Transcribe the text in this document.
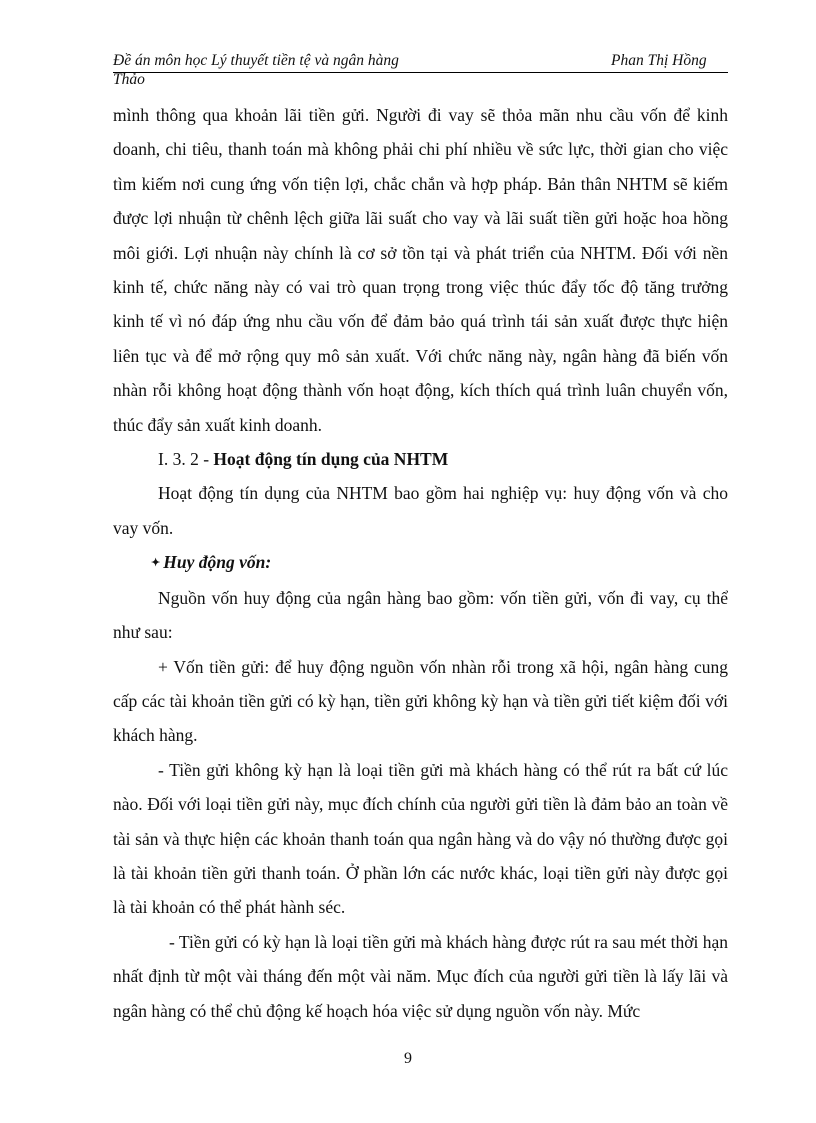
Đề án môn học Lý thuyết tiền tệ và ngân hàng	Phan Thị Hồng
Thảo

mình thông qua khoản lãi tiền gửi. Người đi vay sẽ thỏa mãn nhu cầu vốn để kinh doanh, chi tiêu, thanh toán mà không phải chi phí nhiều về sức lực, thời gian cho việc tìm kiếm nơi cung ứng vốn tiện lợi, chắc chắn và hợp pháp. Bản thân NHTM sẽ kiếm được lợi nhuận từ chênh lệch giữa lãi suất cho vay và lãi suất tiền gửi hoặc hoa hồng môi giới. Lợi nhuận này chính là cơ sở tồn tại và phát triển của NHTM. Đối với nền kinh tế, chức năng này có vai trò quan trọng trong việc thúc đẩy tốc độ tăng trưởng kinh tế vì nó đáp ứng nhu cầu vốn để đảm bảo quá trình tái sản xuất được thực hiện liên tục và để mở rộng quy mô sản xuất. Với chức năng này, ngân hàng đã biến vốn nhàn rỗi không hoạt động thành vốn hoạt động, kích thích quá trình luân chuyển vốn, thúc đẩy sản xuất kinh doanh.

I. 3. 2 - Hoạt động tín dụng của NHTM

Hoạt động tín dụng của NHTM bao gồm hai nghiệp vụ: huy động vốn và cho vay vốn.

✦ Huy động vốn:

Nguồn vốn huy động của ngân hàng bao gồm: vốn tiền gửi, vốn đi vay, cụ thể như sau:

+ Vốn tiền gửi: để huy động nguồn vốn nhàn rỗi trong xã hội, ngân hàng cung cấp các tài khoản tiền gửi có kỳ hạn, tiền gửi không kỳ hạn và tiền gửi tiết kiệm đối với khách hàng.

- Tiền gửi không kỳ hạn là loại tiền gửi mà khách hàng có thể rút ra bất cứ lúc nào. Đối với loại tiền gửi này, mục đích chính của người gửi tiền là đảm bảo an toàn về tài sản và thực hiện các khoản thanh toán qua ngân hàng và do vậy nó thường được gọi là tài khoản tiền gửi thanh toán. Ở phần lớn các nước khác, loại tiền gửi này được gọi là tài khoản có thể phát hành séc.

- Tiền gửi có kỳ hạn là loại tiền gửi mà khách hàng được rút ra sau mét thời hạn nhất định từ một vài tháng đến một vài năm. Mục đích của người gửi tiền là lấy lãi và ngân hàng có thể chủ động kế hoạch hóa việc sử dụng nguồn vốn này. Mức

9
